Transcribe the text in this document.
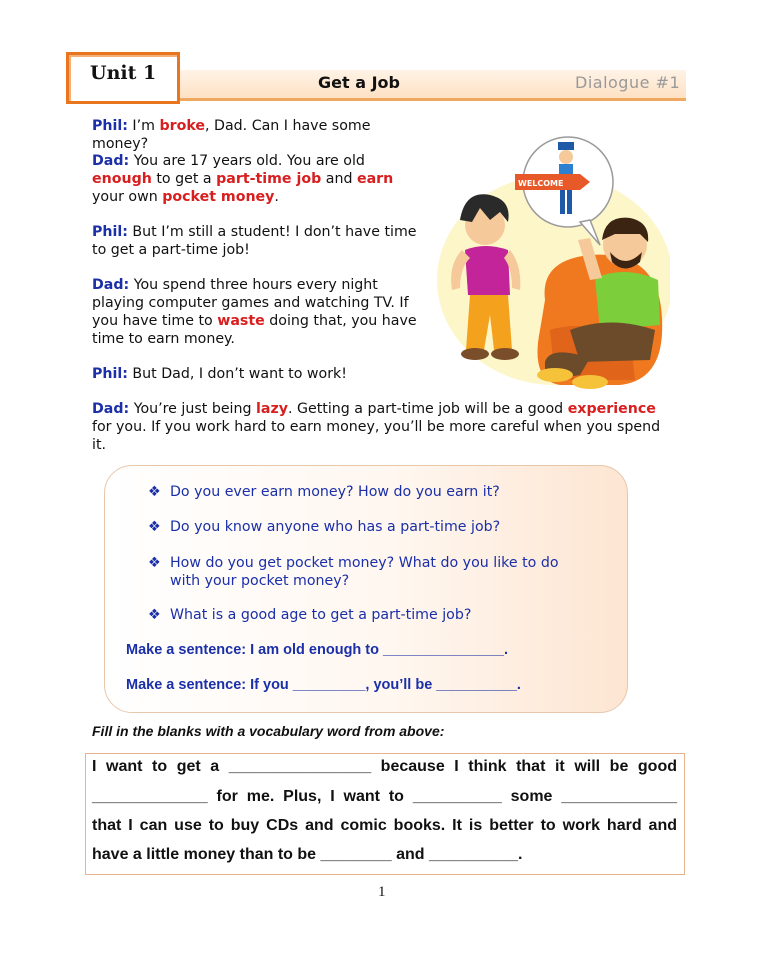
Unit 1	Get a Job	Dialogue #1
Phil: I’m broke, Dad. Can I have some money?
Dad: You are 17 years old. You are old enough to get a part-time job and earn your own pocket money.
Phil: But I’m still a student! I don’t have time to get a part-time job!
Dad: You spend three hours every night playing computer games and watching TV. If you have time to waste doing that, you have time to earn money.
Phil: But Dad, I don’t want to work!
Dad: You’re just being lazy. Getting a part-time job will be a good experience for you. If you work hard to earn money, you’ll be more careful when you spend it.
WELCOME
❖ Do you ever earn money? How do you earn it?
❖ Do you know anyone who has a part-time job?
❖ How do you get pocket money? What do you like to do with your pocket money?
❖ What is a good age to get a part-time job?
Make a sentence: I am old enough to _______________.
Make a sentence: If you _________, you’ll be __________.
Fill in the blanks with a vocabulary word from above:
I want to get a ________________ because I think that it will be good
_____________ for me. Plus, I want to __________ some _____________
that I can use to buy CDs and comic books. It is better to work hard and
have a little money than to be ________ and __________.
1
